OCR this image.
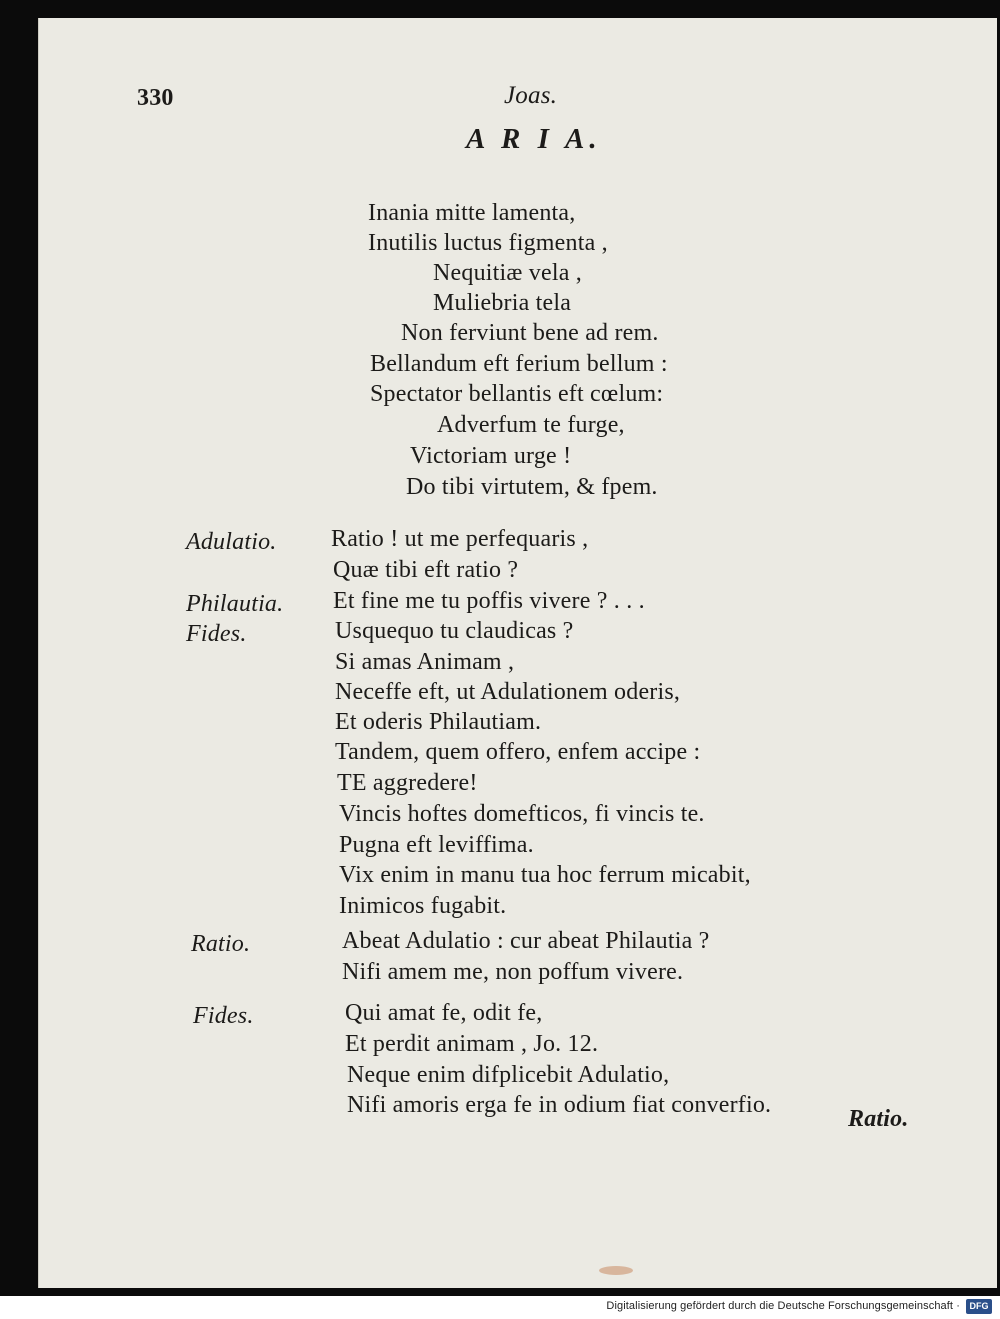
330	Joas.
A R I A.
Inania mitte lamenta,
Inutilis luctus figmenta ,
Nequitiæ vela ,
Muliebria tela
Non ferviunt bene ad rem.
Bellandum eft ferium bellum :
Spectator bellantis eft cœlum:
Adverfum te furge,
Victoriam urge !
Do tibi virtutem, & fpem.
Adulatio. Ratio ! ut me perfequaris ,
Quæ tibi eft ratio ?
Philautia. Et fine me tu poffis vivere ? . . .
Fides.	Usquequo tu claudicas ?
Si amas Animam ,
Neceffe eft, ut Adulationem oderis,
Et oderis Philautiam.
Tandem, quem offero, enfem accipe :
TE aggredere!
Vincis hoftes domefticos, fi vincis te.
Pugna eft leviffima.
Vix enim in manu tua hoc ferrum micabit,
Inimicos fugabit.
Ratio.	Abeat Adulatio : cur abeat Philautia ?
Nifi amem me, non poffum vivere.
Fides.	Qui amat fe, odit fe,
Et perdit animam , Jo. 12.
Neque enim difplicebit Adulatio,
Nifi amoris erga fe in odium fiat converfio.
Ratio.
Digitalisierung gefördert durch die Deutsche Forschungsgemeinschaft ·	DFG
